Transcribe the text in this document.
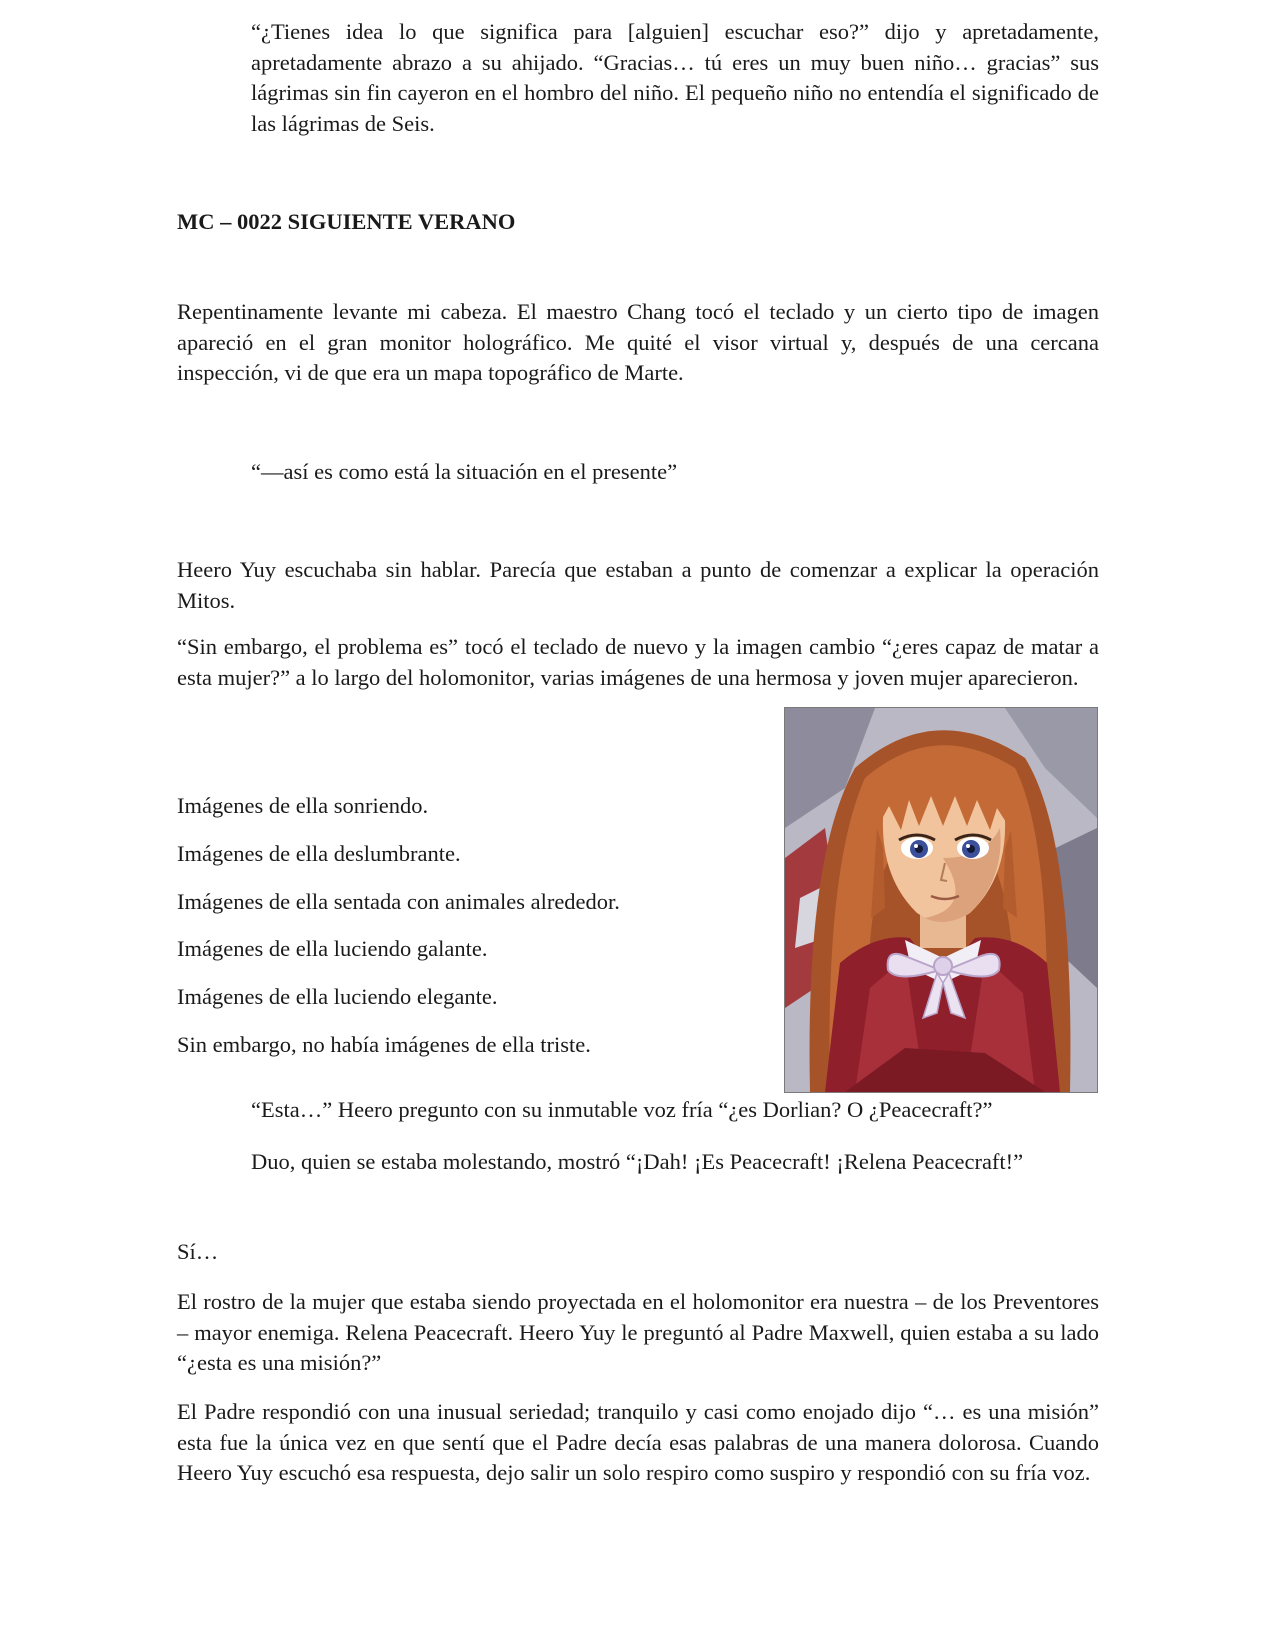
“¿Tienes idea lo que significa para [alguien] escuchar eso?” dijo y apretadamente, apretadamente abrazo a su ahijado. “Gracias… tú eres un muy buen niño… gracias” sus lágrimas sin fin cayeron en el hombro del niño. El pequeño niño no entendía el significado de las lágrimas de Seis.

MC – 0022 SIGUIENTE VERANO

Repentinamente levante mi cabeza. El maestro Chang tocó el teclado y un cierto tipo de imagen apareció en el gran monitor holográfico. Me quité el visor virtual y, después de una cercana inspección, vi de que era un mapa topográfico de Marte.

“—así es como está la situación en el presente”

Heero Yuy escuchaba sin hablar. Parecía que estaban a punto de comenzar a explicar la operación Mitos.

“Sin embargo, el problema es” tocó el teclado de nuevo y la imagen cambio “¿eres capaz de matar a esta mujer?” a lo largo del holomonitor, varias imágenes de una hermosa y joven mujer aparecieron.

Imágenes de ella sonriendo.

Imágenes de ella deslumbrante.

Imágenes de ella sentada con animales alrededor.

Imágenes de ella luciendo galante.

Imágenes de ella luciendo elegante.

Sin embargo, no había imágenes de ella triste.

“Esta…” Heero pregunto con su inmutable voz fría “¿es Dorlian? O ¿Peacecraft?”

Duo, quien se estaba molestando, mostró “¡Dah! ¡Es Peacecraft! ¡Relena Peacecraft!”

Sí…

El rostro de la mujer que estaba siendo proyectada en el holomonitor era nuestra – de los Preventores – mayor enemiga. Relena Peacecraft. Heero Yuy le preguntó al Padre Maxwell, quien estaba a su lado “¿esta es una misión?”

El Padre respondió con una inusual seriedad; tranquilo y casi como enojado dijo “… es una misión” esta fue la única vez en que sentí que el Padre decía esas palabras de una manera dolorosa. Cuando Heero Yuy escuchó esa respuesta, dejo salir un solo respiro como suspiro y respondió con su fría voz.
